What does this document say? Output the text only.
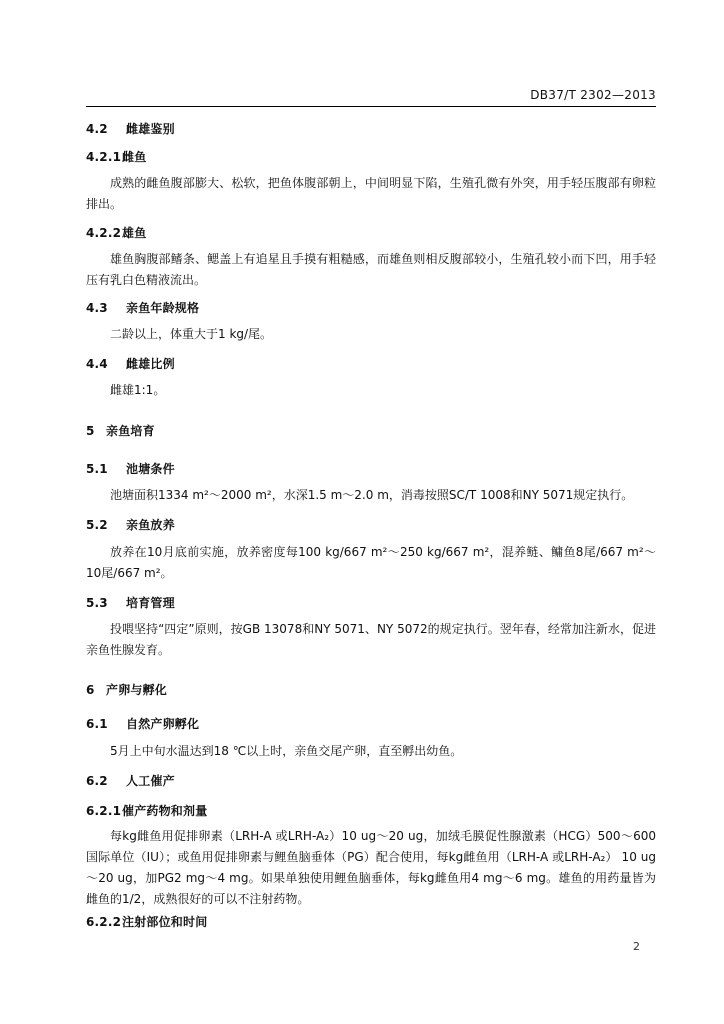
DB37/T 2302—2013
4.2 雌雄鉴别
4.2.1雌鱼
成熟的雌鱼腹部膨大、松软，把鱼体腹部朝上，中间明显下陷，生殖孔微有外突，用手轻压腹部有卵粒排出。
4.2.2雄鱼
雄鱼胸腹部鳍条、鳃盖上有追星且手摸有粗糙感，而雄鱼则相反腹部较小，生殖孔较小而下凹，用手轻压有乳白色精液流出。
4.3 亲鱼年龄规格
二龄以上，体重大于1 kg/尾。
4.4 雌雄比例
雌雄1:1。
5 亲鱼培育
5.1 池塘条件
池塘面积1334 m²～2000 m²，水深1.5 m～2.0 m，消毒按照SC/T 1008和NY 5071规定执行。
5.2 亲鱼放养
放养在10月底前实施，放养密度每100 kg/667 m²～250 kg/667 m²，混养鲢、鳙鱼8尾/667 m²～10尾/667 m²。
5.3 培育管理
投喂坚持“四定”原则，按GB 13078和NY 5071、NY 5072的规定执行。翌年春，经常加注新水，促进亲鱼性腺发育。
6 产卵与孵化
6.1 自然产卵孵化
5月上中旬水温达到18 ℃以上时，亲鱼交尾产卵，直至孵出幼鱼。
6.2 人工催产
6.2.1催产药物和剂量
每kg雌鱼用促排卵素（LRH-A 或LRH-A₂）10 ug～20 ug，加绒毛膜促性腺激素（HCG）500～600国际单位（IU）；或鱼用促排卵素与鲤鱼脑垂体（PG）配合使用，每kg雌鱼用（LRH-A 或LRH-A₂） 10 ug～20 ug，加PG2 mg～4 mg。如果单独使用鲤鱼脑垂体，每kg雌鱼用4 mg～6 mg。雄鱼的用药量皆为雌鱼的1/2，成熟很好的可以不注射药物。
6.2.2注射部位和时间
2
